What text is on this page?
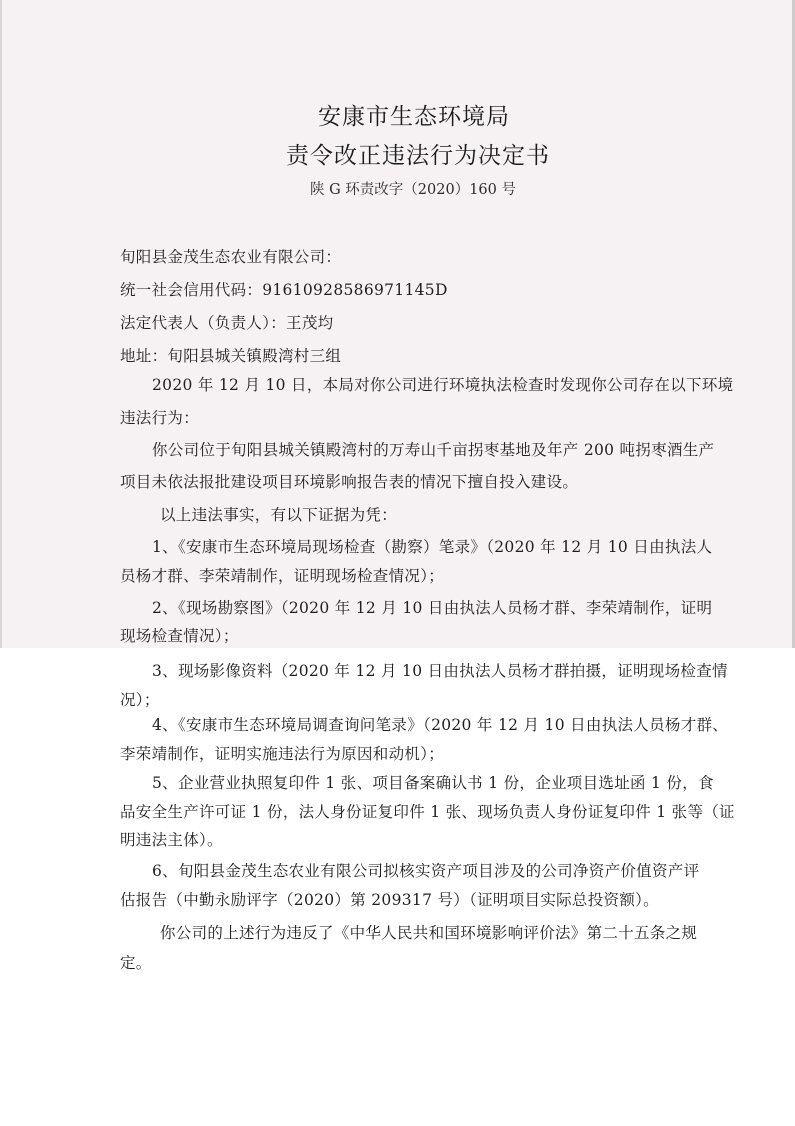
安康市生态环境局
责令改正违法行为决定书
陕 G 环责改字（2020）160 号
旬阳县金茂生态农业有限公司：
统一社会信用代码：91610928586971145D
法定代表人（负责人）：王茂均
地址：旬阳县城关镇殿湾村三组
2020 年 12 月 10 日，本局对你公司进行环境执法检查时发现你公司存在以下环境
违法行为：
你公司位于旬阳县城关镇殿湾村的万寿山千亩拐枣基地及年产 200 吨拐枣酒生产
项目未依法报批建设项目环境影响报告表的情况下擅自投入建设。
以上违法事实，有以下证据为凭：
1、《安康市生态环境局现场检查（勘察）笔录》（2020 年 12 月 10 日由执法人
员杨才群、李荣靖制作，证明现场检查情况）；
2、《现场勘察图》（2020 年 12 月 10 日由执法人员杨才群、李荣靖制作，证明
现场检查情况）；
3、现场影像资料（2020 年 12 月 10 日由执法人员杨才群拍摄，证明现场检查情
况）；
4、《安康市生态环境局调查询问笔录》（2020 年 12 月 10 日由执法人员杨才群、
李荣靖制作，证明实施违法行为原因和动机）；
5、企业营业执照复印件 1 张、项目备案确认书 1 份，企业项目选址函 1 份，食
品安全生产许可证 1 份，法人身份证复印件 1 张、现场负责人身份证复印件 1 张等（证
明违法主体）。
6、旬阳县金茂生态农业有限公司拟核实资产项目涉及的公司净资产价值资产评
估报告（中勤永励评字（2020）第 209317 号）（证明项目实际总投资额）。
你公司的上述行为违反了《中华人民共和国环境影响评价法》第二十五条之规
定。
